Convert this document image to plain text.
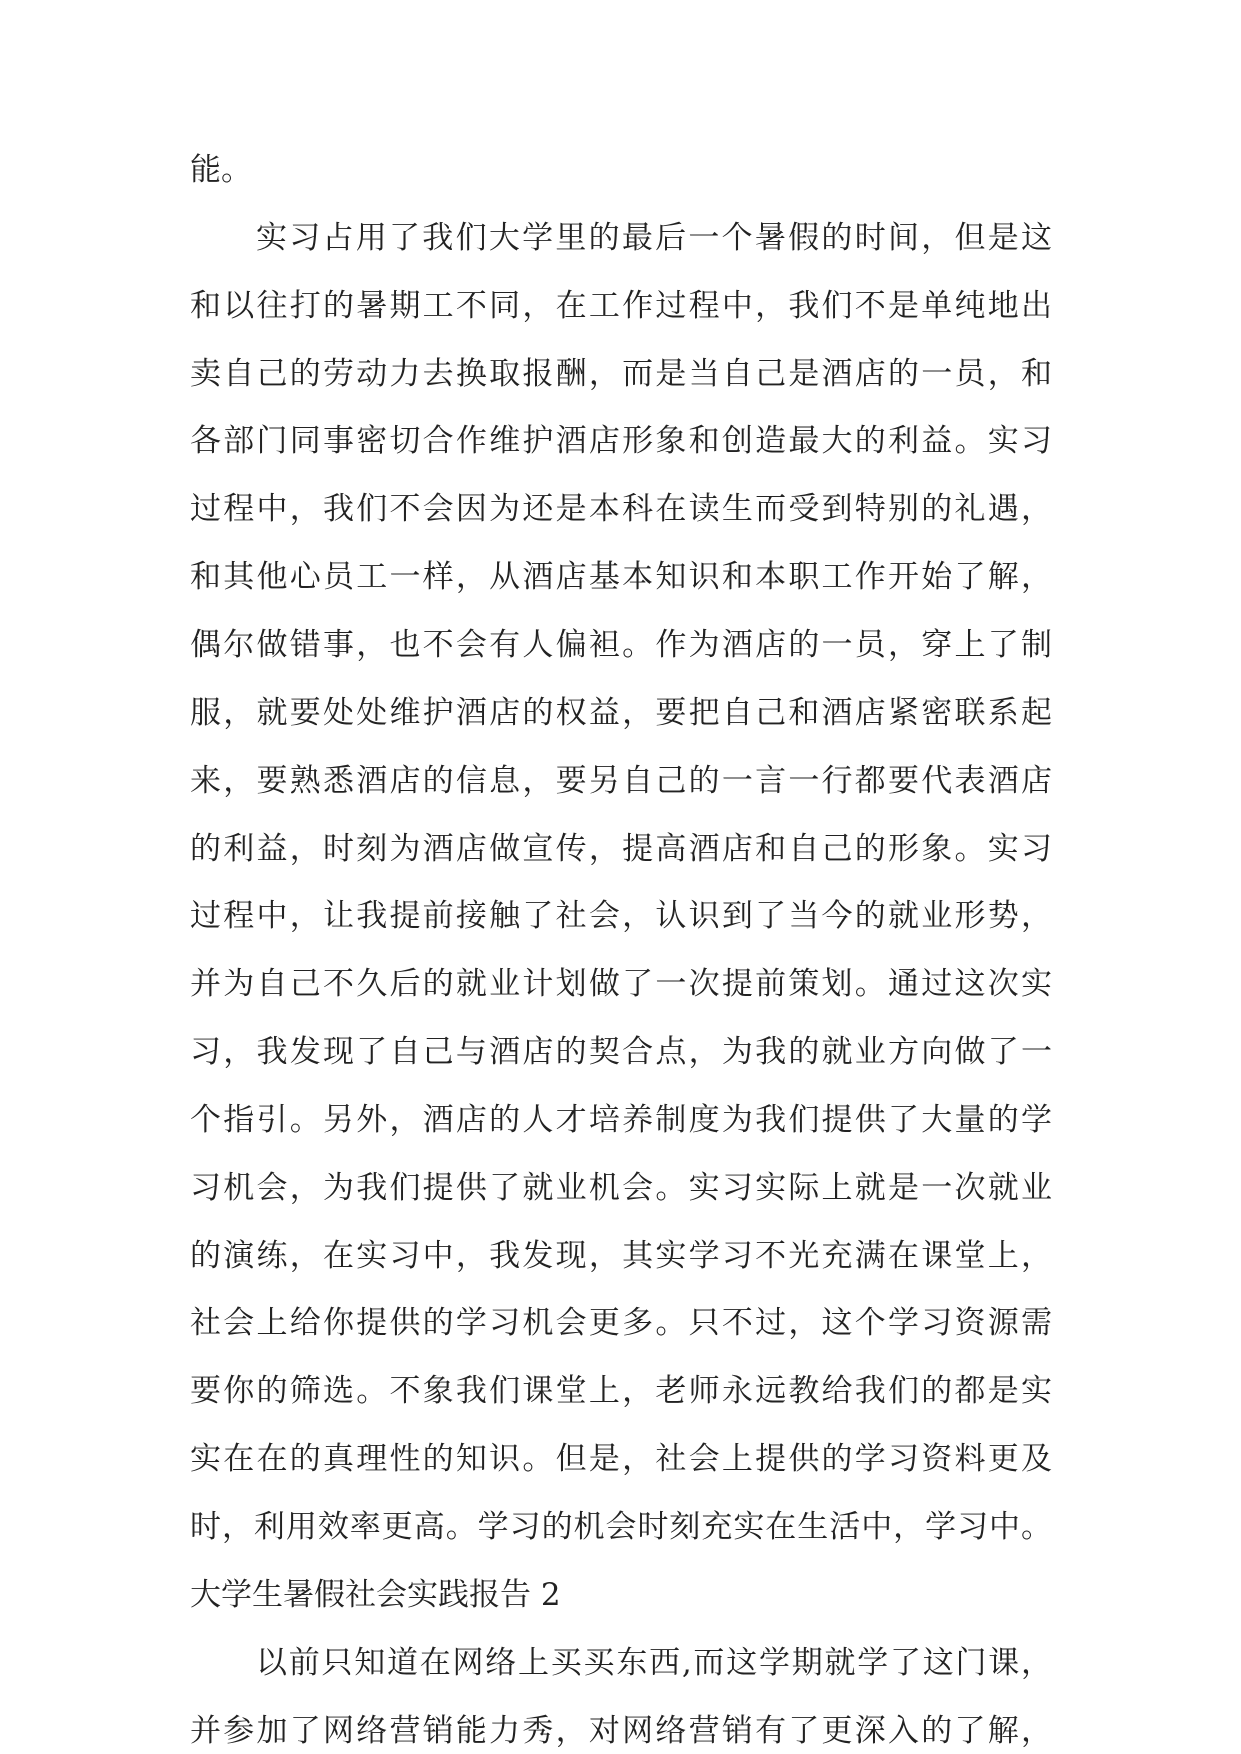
能。
实习占用了我们大学里的最后一个暑假的时间，但是这
和以往打的暑期工不同，在工作过程中，我们不是单纯地出
卖自己的劳动力去换取报酬，而是当自己是酒店的一员，和
各部门同事密切合作维护酒店形象和创造最大的利益。实习
过程中，我们不会因为还是本科在读生而受到特别的礼遇，
和其他心员工一样，从酒店基本知识和本职工作开始了解，
偶尔做错事，也不会有人偏袒。作为酒店的一员，穿上了制
服，就要处处维护酒店的权益，要把自己和酒店紧密联系起
来，要熟悉酒店的信息，要另自己的一言一行都要代表酒店
的利益，时刻为酒店做宣传，提高酒店和自己的形象。实习
过程中，让我提前接触了社会，认识到了当今的就业形势，
并为自己不久后的就业计划做了一次提前策划。通过这次实
习，我发现了自己与酒店的契合点，为我的就业方向做了一
个指引。另外，酒店的人才培养制度为我们提供了大量的学
习机会，为我们提供了就业机会。实习实际上就是一次就业
的演练，在实习中，我发现，其实学习不光充满在课堂上，
社会上给你提供的学习机会更多。只不过，这个学习资源需
要你的筛选。不象我们课堂上，老师永远教给我们的都是实
实在在的真理性的知识。但是，社会上提供的学习资料更及
时，利用效率更高。学习的机会时刻充实在生活中，学习中。
大学生暑假社会实践报告 2
以前只知道在网络上买买东西,而这学期就学了这门课，
并参加了网络营销能力秀，对网络营销有了更深入的了解，
